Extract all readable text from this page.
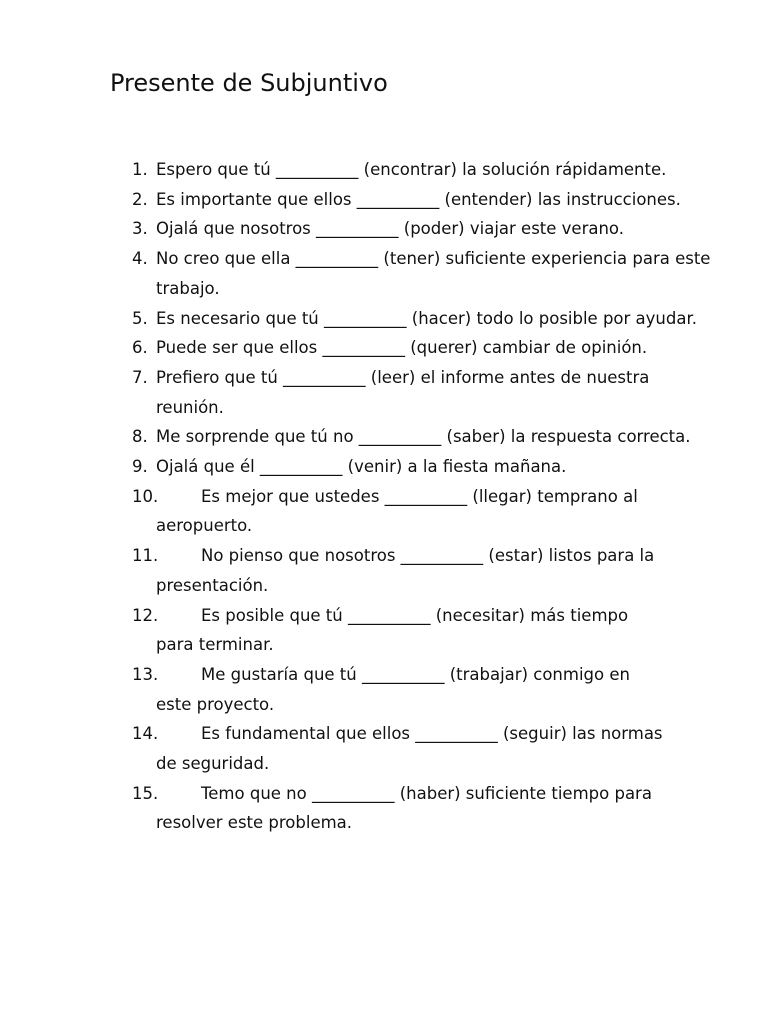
Presente de Subjuntivo
1. Espero que tú __________ (encontrar) la solución rápidamente.
2. Es importante que ellos __________ (entender) las instrucciones.
3. Ojalá que nosotros __________ (poder) viajar este verano.
4. No creo que ella __________ (tener) suficiente experiencia para este trabajo.
5. Es necesario que tú __________ (hacer) todo lo posible por ayudar.
6. Puede ser que ellos __________ (querer) cambiar de opinión.
7. Prefiero que tú __________ (leer) el informe antes de nuestra reunión.
8. Me sorprende que tú no __________ (saber) la respuesta correcta.
9. Ojalá que él __________ (venir) a la fiesta mañana.
10.	Es mejor que ustedes __________ (llegar) temprano al
aeropuerto.
11.	No pienso que nosotros __________ (estar) listos para la
presentación.
12.	Es posible que tú __________ (necesitar) más tiempo
para terminar.
13.	Me gustaría que tú __________ (trabajar) conmigo en
este proyecto.
14.	Es fundamental que ellos __________ (seguir) las normas
de seguridad.
15.	Temo que no __________ (haber) suficiente tiempo para
resolver este problema.
